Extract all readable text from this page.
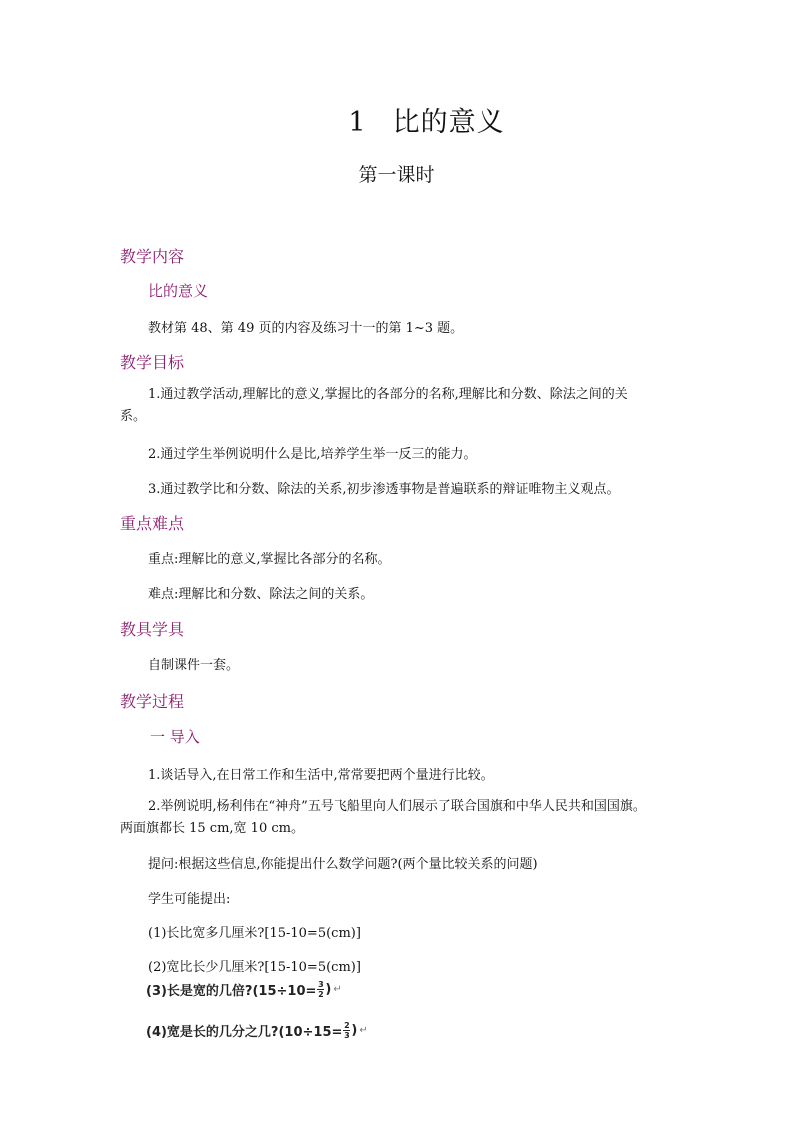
1 比的意义
第一课时
教学内容
比的意义
教材第 48、第 49 页的内容及练习十一的第 1~3 题。
教学目标
1.通过教学活动,理解比的意义,掌握比的各部分的名称,理解比和分数、除法之间的关系。
2.通过学生举例说明什么是比,培养学生举一反三的能力。
3.通过教学比和分数、除法的关系,初步渗透事物是普遍联系的辩证唯物主义观点。
重点难点
重点:理解比的意义,掌握比各部分的名称。
难点:理解比和分数、除法之间的关系。
教具学具
自制课件一套。
教学过程
一 导入
1.谈话导入,在日常工作和生活中,常常要把两个量进行比较。
2.举例说明,杨利伟在“神舟”五号飞船里向人们展示了联合国旗和中华人民共和国国旗。两面旗都长 15 cm,宽 10 cm。
提问:根据这些信息,你能提出什么数学问题?(两个量比较关系的问题)
学生可能提出:
(1)长比宽多几厘米?[15-10=5(cm)]
(2)宽比长少几厘米?[15-10=5(cm)]
(3)长是宽的几倍?(15÷10= $\frac{3}{2}$ ) ↵
(4)宽是长的几分之几?(10÷15= $\frac{2}{3}$ ) ↵
